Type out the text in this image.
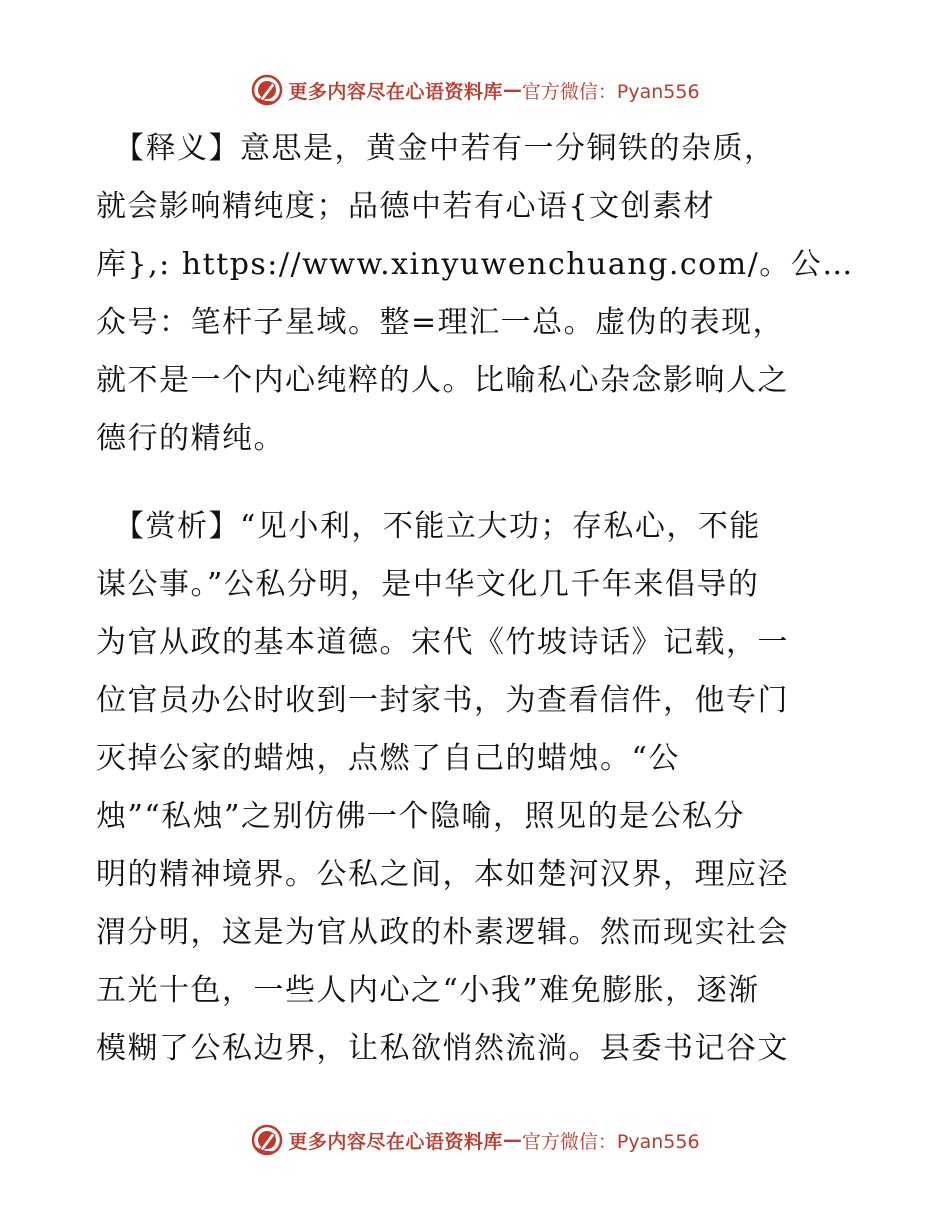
更多内容尽在心语资料库 — 官方微信：Pyan556

【释义】意思是，黄金中若有一分铜铁的杂质，
就会影响精纯度；品德中若有心语{文创素材
库},: https://www.xinyuwenchuang.com/。公…
众号：笔杆子星域。整=理汇一总。虚伪的表现，
就不是一个内心纯粹的人。比喻私心杂念影响人之
德行的精纯。

【赏析】“见小利，不能立大功；存私心，不能
谋公事。”公私分明，是中华文化几千年来倡导的
为官从政的基本道德。宋代《竹坡诗话》记载，一
位官员办公时收到一封家书，为查看信件，他专门
灭掉公家的蜡烛，点燃了自己的蜡烛。“公
烛”“私烛”之别仿佛一个隐喻，照见的是公私分
明的精神境界。公私之间，本如楚河汉界，理应泾
渭分明，这是为官从政的朴素逻辑。然而现实社会
五光十色，一些人内心之“小我”难免膨胀，逐渐
模糊了公私边界，让私欲悄然流淌。县委书记谷文

更多内容尽在心语资料库 — 官方微信：Pyan556
